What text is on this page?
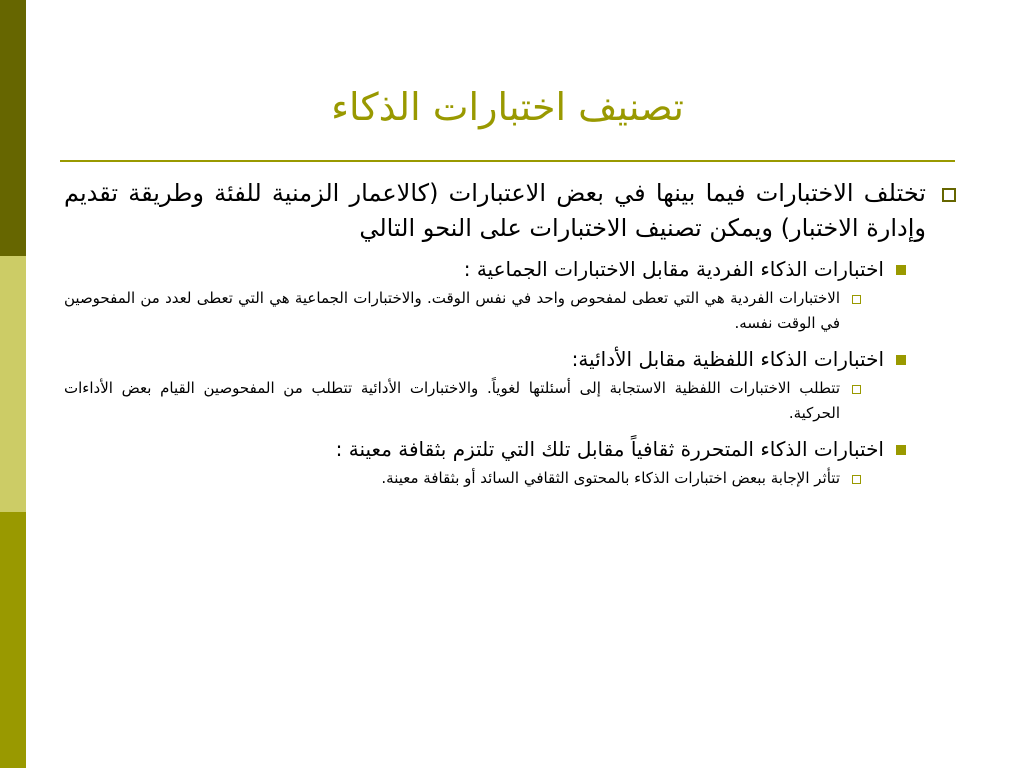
تصنيف اختبارات الذكاء
تختلف الاختبارات فيما بينها في بعض الاعتبارات (كالاعمار الزمنية للفئة وطريقة تقديم وإدارة الاختبار) ويمكن تصنيف الاختبارات على النحو التالي
اختبارات الذكاء الفردية مقابل الاختبارات الجماعية :
الاختبارات الفردية هي التي تعطى لمفحوص واحد في نفس الوقت. والاختبارات الجماعية هي التي تعطى لعدد من المفحوصين في الوقت نفسه.
اختبارات الذكاء اللفظية مقابل الأدائية:
تتطلب الاختبارات اللفظية الاستجابة إلى أسئلتها لغوياً. والاختبارات الأدائية تتطلب من المفحوصين القيام بعض الأداءات الحركية.
اختبارات الذكاء المتحررة ثقافياً مقابل تلك التي تلتزم بثقافة معينة :
تتأثر الإجابة ببعض اختبارات الذكاء بالمحتوى الثقافي السائد أو بثقافة معينة.
